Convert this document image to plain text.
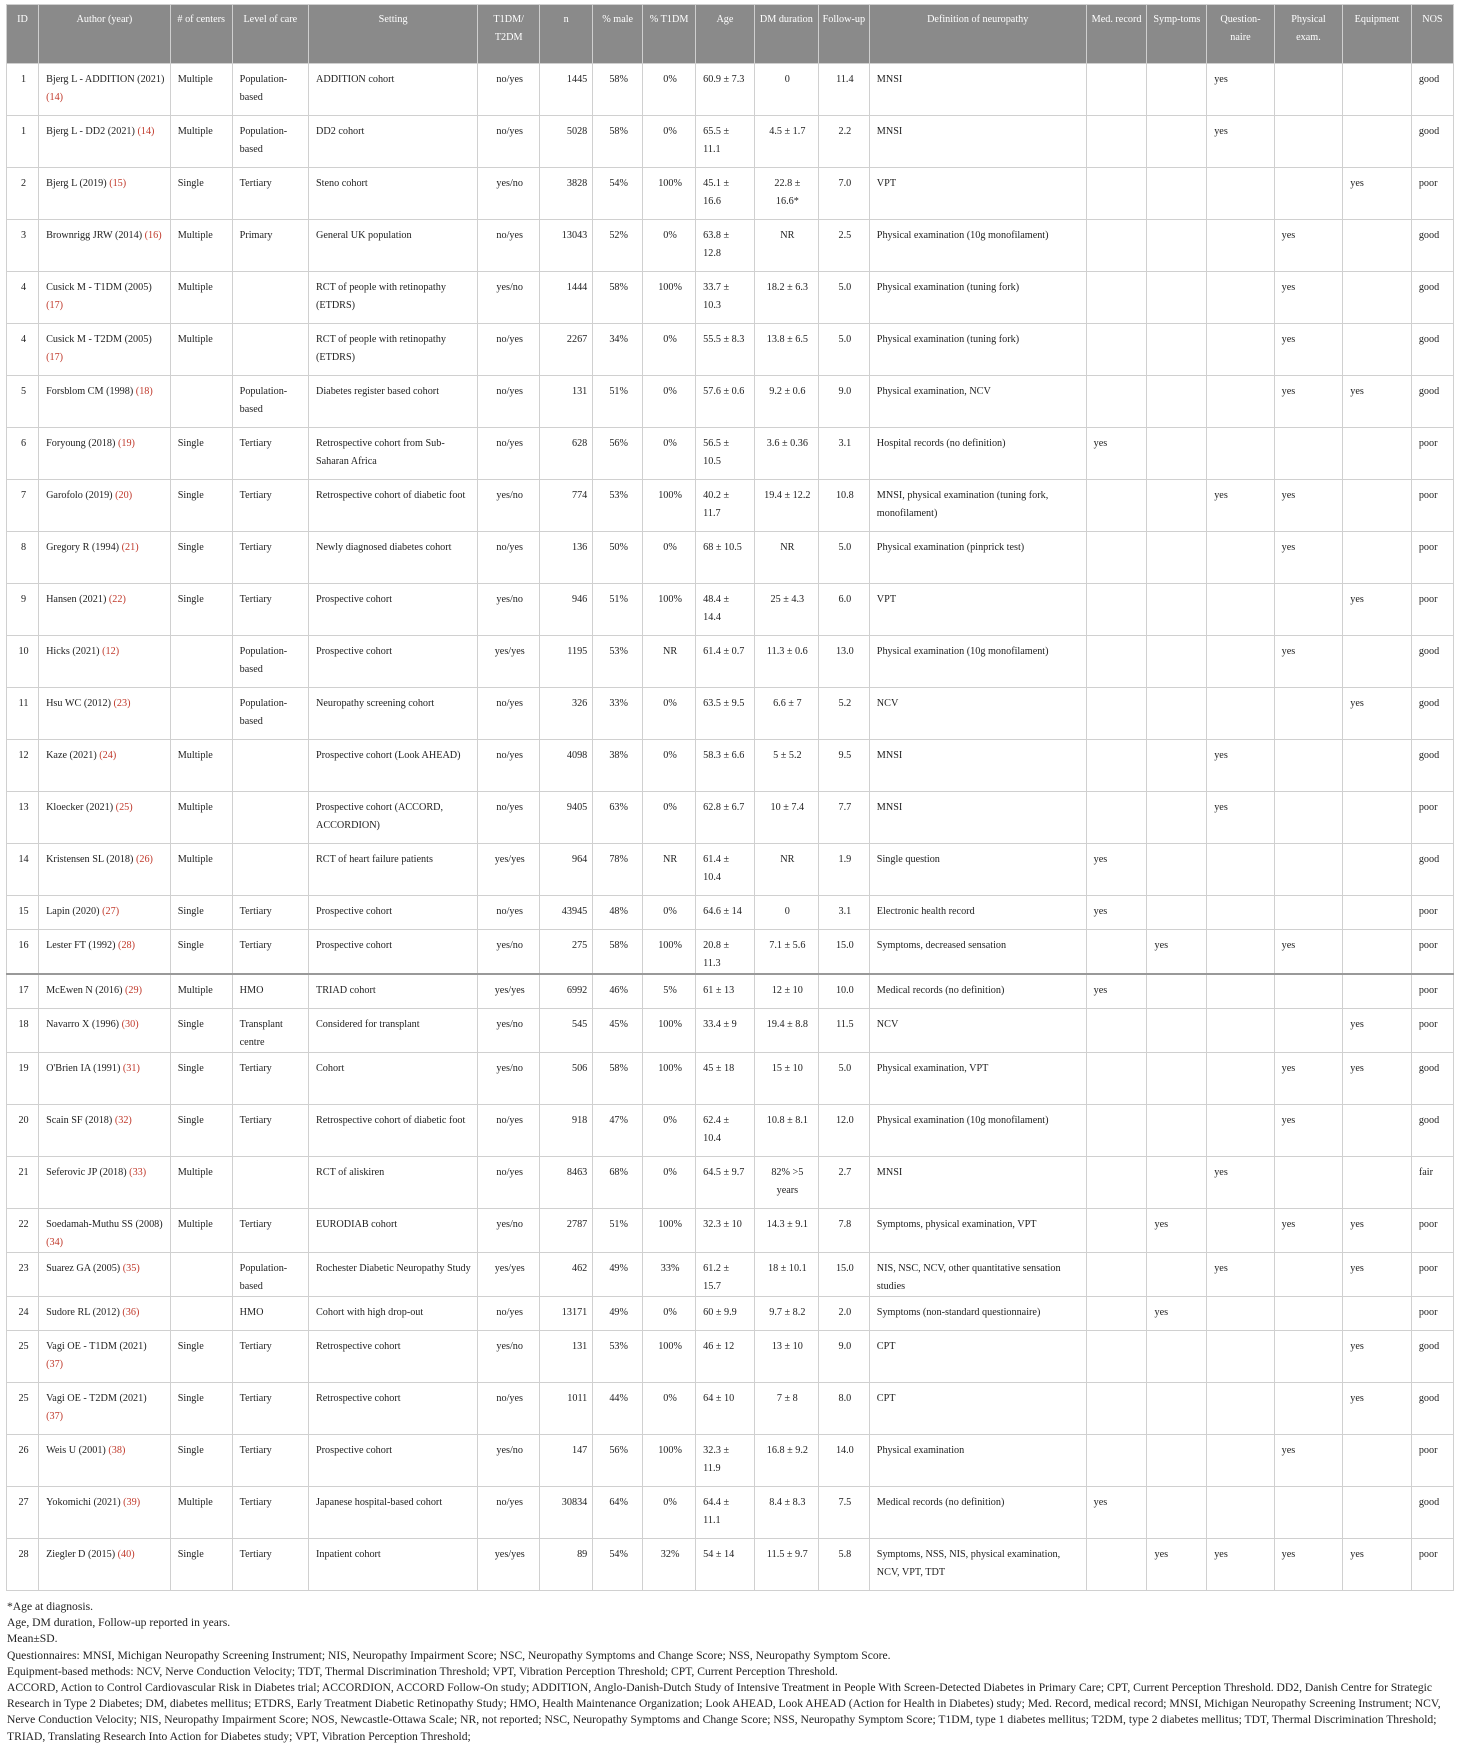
ID	Author (year)	# of centers	Level of care	Setting	T1DM/ T2DM	n	% male	% T1DM	Age	DM duration	Follow-up	Definition of neuropathy	Med. record	Symp-toms	Question-naire	Physical exam.	Equipment	NOS
1	Bjerg L - ADDITION (2021) (14)	Multiple	Population-based	ADDITION cohort	no/yes	1445	58%	0%	60.9 ± 7.3	0	11.4	MNSI			yes			good
1	Bjerg L - DD2 (2021) (14)	Multiple	Population-based	DD2 cohort	no/yes	5028	58%	0%	65.5 ± 11.1	4.5 ± 1.7	2.2	MNSI			yes			good
2	Bjerg L (2019) (15)	Single	Tertiary	Steno cohort	yes/no	3828	54%	100%	45.1 ± 16.6	22.8 ± 16.6*	7.0	VPT					yes	poor
3	Brownrigg JRW (2014) (16)	Multiple	Primary	General UK population	no/yes	13043	52%	0%	63.8 ± 12.8	NR	2.5	Physical examination (10g monofilament)				yes		good
4	Cusick M - T1DM (2005) (17)	Multiple		RCT of people with retinopathy (ETDRS)	yes/no	1444	58%	100%	33.7 ± 10.3	18.2 ± 6.3	5.0	Physical examination (tuning fork)				yes		good
4	Cusick M - T2DM (2005) (17)	Multiple		RCT of people with retinopathy (ETDRS)	no/yes	2267	34%	0%	55.5 ± 8.3	13.8 ± 6.5	5.0	Physical examination (tuning fork)				yes		good
5	Forsblom CM (1998) (18)		Population-based	Diabetes register based cohort	no/yes	131	51%	0%	57.6 ± 0.6	9.2 ± 0.6	9.0	Physical examination, NCV				yes	yes	good
6	Foryoung (2018) (19)	Single	Tertiary	Retrospective cohort from Sub-Saharan Africa	no/yes	628	56%	0%	56.5 ± 10.5	3.6 ± 0.36	3.1	Hospital records (no definition)	yes					poor
7	Garofolo (2019) (20)	Single	Tertiary	Retrospective cohort of diabetic foot	yes/no	774	53%	100%	40.2 ± 11.7	19.4 ± 12.2	10.8	MNSI, physical examination (tuning fork, monofilament)			yes	yes		poor
8	Gregory R (1994) (21)	Single	Tertiary	Newly diagnosed diabetes cohort	no/yes	136	50%	0%	68 ± 10.5	NR	5.0	Physical examination (pinprick test)				yes		poor
9	Hansen (2021) (22)	Single	Tertiary	Prospective cohort	yes/no	946	51%	100%	48.4 ± 14.4	25 ± 4.3	6.0	VPT					yes	poor
10	Hicks (2021) (12)		Population-based	Prospective cohort	yes/yes	1195	53%	NR	61.4 ± 0.7	11.3 ± 0.6	13.0	Physical examination (10g monofilament)				yes		good
11	Hsu WC (2012) (23)		Population-based	Neuropathy screening cohort	no/yes	326	33%	0%	63.5 ± 9.5	6.6 ± 7	5.2	NCV					yes	good
12	Kaze (2021) (24)	Multiple		Prospective cohort (Look AHEAD)	no/yes	4098	38%	0%	58.3 ± 6.6	5 ± 5.2	9.5	MNSI			yes			good
13	Kloecker (2021) (25)	Multiple		Prospective cohort (ACCORD, ACCORDION)	no/yes	9405	63%	0%	62.8 ± 6.7	10 ± 7.4	7.7	MNSI			yes			poor
14	Kristensen SL (2018) (26)	Multiple		RCT of heart failure patients	yes/yes	964	78%	NR	61.4 ± 10.4	NR	1.9	Single question	yes					good
15	Lapin (2020) (27)	Single	Tertiary	Prospective cohort	no/yes	43945	48%	0%	64.6 ± 14	0	3.1	Electronic health record	yes					poor
16	Lester FT (1992) (28)	Single	Tertiary	Prospective cohort	yes/no	275	58%	100%	20.8 ± 11.3	7.1 ± 5.6	15.0	Symptoms, decreased sensation		yes		yes		poor
17	McEwen N (2016) (29)	Multiple	HMO	TRIAD cohort	yes/yes	6992	46%	5%	61 ± 13	12 ± 10	10.0	Medical records (no definition)	yes					poor
18	Navarro X (1996) (30)	Single	Transplant centre	Considered for transplant	yes/no	545	45%	100%	33.4 ± 9	19.4 ± 8.8	11.5	NCV					yes	poor
19	O'Brien IA (1991) (31)	Single	Tertiary	Cohort	yes/no	506	58%	100%	45 ± 18	15 ± 10	5.0	Physical examination, VPT				yes	yes	good
20	Scain SF (2018) (32)	Single	Tertiary	Retrospective cohort of diabetic foot	no/yes	918	47%	0%	62.4 ± 10.4	10.8 ± 8.1	12.0	Physical examination (10g monofilament)				yes		good
21	Seferovic JP (2018) (33)	Multiple		RCT of aliskiren	no/yes	8463	68%	0%	64.5 ± 9.7	82% >5 years	2.7	MNSI			yes			fair
22	Soedamah-Muthu SS (2008) (34)	Multiple	Tertiary	EURODIAB cohort	yes/no	2787	51%	100%	32.3 ± 10	14.3 ± 9.1	7.8	Symptoms, physical examination, VPT		yes		yes	yes	poor
23	Suarez GA (2005) (35)		Population-based	Rochester Diabetic Neuropathy Study	yes/yes	462	49%	33%	61.2 ± 15.7	18 ± 10.1	15.0	NIS, NSC, NCV, other quantitative sensation studies			yes		yes	poor
24	Sudore RL (2012) (36)		HMO	Cohort with high drop-out	no/yes	13171	49%	0%	60 ± 9.9	9.7 ± 8.2	2.0	Symptoms (non-standard questionnaire)		yes				poor
25	Vagi OE - T1DM (2021) (37)	Single	Tertiary	Retrospective cohort	yes/no	131	53%	100%	46 ± 12	13 ± 10	9.0	CPT					yes	good
25	Vagi OE - T2DM (2021) (37)	Single	Tertiary	Retrospective cohort	no/yes	1011	44%	0%	64 ± 10	7 ± 8	8.0	CPT					yes	good
26	Weis U (2001) (38)	Single	Tertiary	Prospective cohort	yes/no	147	56%	100%	32.3 ± 11.9	16.8 ± 9.2	14.0	Physical examination				yes		poor
27	Yokomichi (2021) (39)	Multiple	Tertiary	Japanese hospital-based cohort	no/yes	30834	64%	0%	64.4 ± 11.1	8.4 ± 8.3	7.5	Medical records (no definition)	yes					good
28	Ziegler D (2015) (40)	Single	Tertiary	Inpatient cohort	yes/yes	89	54%	32%	54 ± 14	11.5 ± 9.7	5.8	Symptoms, NSS, NIS, physical examination, NCV, VPT, TDT		yes	yes	yes	yes	poor
*Age at diagnosis.
Age, DM duration, Follow-up reported in years.
Mean±SD.
Questionnaires: MNSI, Michigan Neuropathy Screening Instrument; NIS, Neuropathy Impairment Score; NSC, Neuropathy Symptoms and Change Score; NSS, Neuropathy Symptom Score.
Equipment-based methods: NCV, Nerve Conduction Velocity; TDT, Thermal Discrimination Threshold; VPT, Vibration Perception Threshold; CPT, Current Perception Threshold.
ACCORD, Action to Control Cardiovascular Risk in Diabetes trial; ACCORDION, ACCORD Follow-On study; ADDITION, Anglo-Danish-Dutch Study of Intensive Treatment in People With Screen-Detected Diabetes in Primary Care; CPT, Current Perception Threshold. DD2, Danish Centre for Strategic Research in Type 2 Diabetes; DM, diabetes mellitus; ETDRS, Early Treatment Diabetic Retinopathy Study; HMO, Health Maintenance Organization; Look AHEAD, Look AHEAD (Action for Health in Diabetes) study; Med. Record, medical record; MNSI, Michigan Neuropathy Screening Instrument; NCV, Nerve Conduction Velocity; NIS, Neuropathy Impairment Score; NOS, Newcastle-Ottawa Scale; NR, not reported; NSC, Neuropathy Symptoms and Change Score; NSS, Neuropathy Symptom Score; T1DM, type 1 diabetes mellitus; T2DM, type 2 diabetes mellitus; TDT, Thermal Discrimination Threshold; TRIAD, Translating Research Into Action for Diabetes study; VPT, Vibration Perception Threshold;
